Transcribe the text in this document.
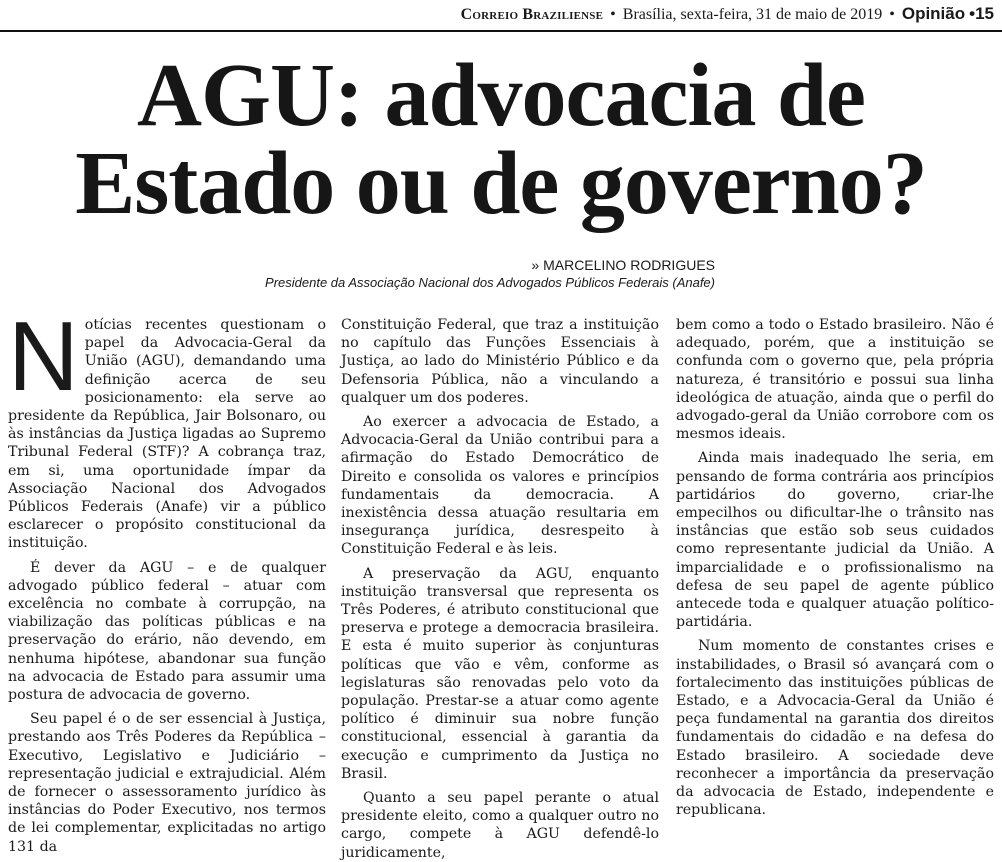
Correio Braziliense • Brasília, sexta-feira, 31 de maio de 2019 • Opinião •15
AGU: advocacia de
Estado ou de governo?
» MARCELINO RODRIGUES
Presidente da Associação Nacional dos Advogados Públicos Federais (Anafe)

Notícias recentes questionam o papel da Advocacia-Geral da União (AGU), demandando uma definição acerca de seu posicionamento: ela serve ao presidente da República, Jair Bolsonaro, ou às instâncias da Justiça ligadas ao Supremo Tribunal Federal (STF)? A cobrança traz, em si, uma oportunidade ímpar da Associação Nacional dos Advogados Públicos Federais (Anafe) vir a público esclarecer o propósito constitucional da instituição.

É dever da AGU – e de qualquer advogado público federal – atuar com excelência no combate à corrupção, na viabilização das políticas públicas e na preservação do erário, não devendo, em nenhuma hipótese, abandonar sua função na advocacia de Estado para assumir uma postura de advocacia de governo.

Seu papel é o de ser essencial à Justiça, prestando aos Três Poderes da República – Executivo, Legislativo e Judiciário – representação judicial e extrajudicial. Além de fornecer o assessoramento jurídico às instâncias do Poder Executivo, nos termos de lei complementar, explicitadas no artigo 131 da

Constituição Federal, que traz a instituição no capítulo das Funções Essenciais à Justiça, ao lado do Ministério Público e da Defensoria Pública, não a vinculando a qualquer um dos poderes.

Ao exercer a advocacia de Estado, a Advocacia-Geral da União contribui para a afirmação do Estado Democrático de Direito e consolida os valores e princípios fundamentais da democracia. A inexistência dessa atuação resultaria em insegurança jurídica, desrespeito à Constituição Federal e às leis.

A preservação da AGU, enquanto instituição transversal que representa os Três Poderes, é atributo constitucional que preserva e protege a democracia brasileira. E esta é muito superior às conjunturas políticas que vão e vêm, conforme as legislaturas são renovadas pelo voto da população. Prestar-se a atuar como agente político é diminuir sua nobre função constitucional, essencial à garantia da execução e cumprimento da Justiça no Brasil.

Quanto a seu papel perante o atual presidente eleito, como a qualquer outro no cargo, compete à AGU defendê-lo juridicamente,

bem como a todo o Estado brasileiro. Não é adequado, porém, que a instituição se confunda com o governo que, pela própria natureza, é transitório e possui sua linha ideológica de atuação, ainda que o perfil do advogado-geral da União corrobore com os mesmos ideais.

Ainda mais inadequado lhe seria, em pensando de forma contrária aos princípios partidários do governo, criar-lhe empecilhos ou dificultar-lhe o trânsito nas instâncias que estão sob seus cuidados como representante judicial da União. A imparcialidade e o profissionalismo na defesa de seu papel de agente público antecede toda e qualquer atuação político-partidária.

Num momento de constantes crises e instabilidades, o Brasil só avançará com o fortalecimento das instituições públicas de Estado, e a Advocacia-Geral da União é peça fundamental na garantia dos direitos fundamentais do cidadão e na defesa do Estado brasileiro. A sociedade deve reconhecer a importância da preservação da advocacia de Estado, independente e republicana.
